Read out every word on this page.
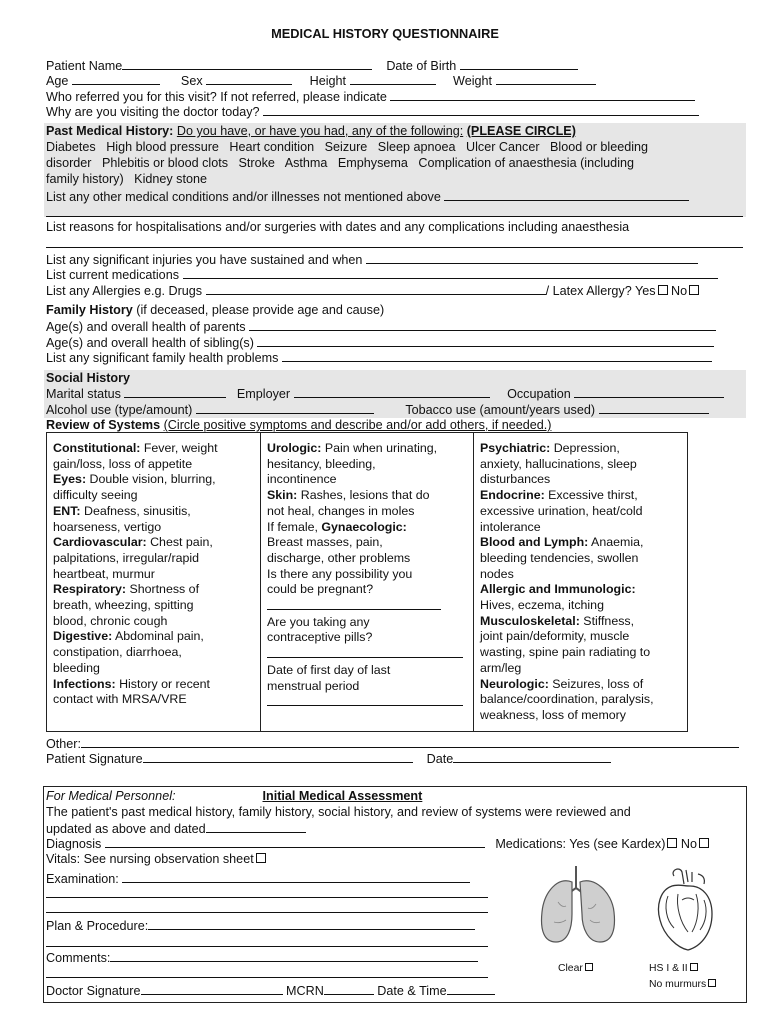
MEDICAL HISTORY QUESTIONNAIRE
Patient Name	Date of Birth
Age	Sex	Height	Weight
Who referred you for this visit? If not referred, please indicate
Why are you visiting the doctor today?
Past Medical History: Do you have, or have you had, any of the following: (PLEASE CIRCLE)
Diabetes   High blood pressure   Heart condition   Seizure   Sleep apnoea   Ulcer Cancer   Blood or bleeding
disorder   Phlebitis or blood clots   Stroke   Asthma   Emphysema   Complication of anaesthesia (including
family history)   Kidney stone
List any other medical conditions and/or illnesses not mentioned above
List reasons for hospitalisations and/or surgeries with dates and any complications including anaesthesia
List any significant injuries you have sustained and when
List current medications
List any Allergies e.g. Drugs	/ Latex Allergy? Yes No
Family History (if deceased, please provide age and cause)
Age(s) and overall health of parents
Age(s) and overall health of sibling(s)
List any significant family health problems
Social History
Marital status	Employer	Occupation
Alcohol use (type/amount)	Tobacco use (amount/years used)
Review of Systems (Circle positive symptoms and describe and/or add others, if needed.)

Constitutional: Fever, weight

gain/loss, loss of appetite

Eyes: Double vision, blurring,

difficulty seeing

ENT: Deafness, sinusitis,

hoarseness, vertigo

Cardiovascular: Chest pain,

palpitations, irregular/rapid

heartbeat, murmur

Respiratory: Shortness of

breath, wheezing, spitting

blood, chronic cough

Digestive: Abdominal pain,

constipation, diarrhoea,

bleeding

Infections: History or recent

contact with MRSA/VRE

Urologic: Pain when urinating,

hesitancy, bleeding,

incontinence

Skin: Rashes, lesions that do

not heal, changes in moles

If female, Gynaecologic:

Breast masses, pain,

discharge, other problems

Is there any possibility you

could be pregnant?

Are you taking any

contraceptive pills?

Date of first day of last

menstrual period

Psychiatric: Depression,

anxiety, hallucinations, sleep

disturbances

Endocrine: Excessive thirst,

excessive urination, heat/cold

intolerance

Blood and Lymph: Anaemia,

bleeding tendencies, swollen

nodes

Allergic and Immunologic:

Hives, eczema, itching

Musculoskeletal: Stiffness,

joint pain/deformity, muscle

wasting, spine pain radiating to

arm/leg

Neurologic: Seizures, loss of

balance/coordination, paralysis,

weakness, loss of memory

Other:
Patient Signature	Date
For Medical Personnel:	Initial Medical Assessment
The patient's past medical history, family history, social history, and review of systems were reviewed and
updated as above and dated
Diagnosis	Medications: Yes (see Kardex) No
Vitals: See nursing observation sheet
Examination:
Plan & Procedure:
Comments:
Doctor Signature	MCRN	Date & Time
Clear	HS I & II
No murmurs
